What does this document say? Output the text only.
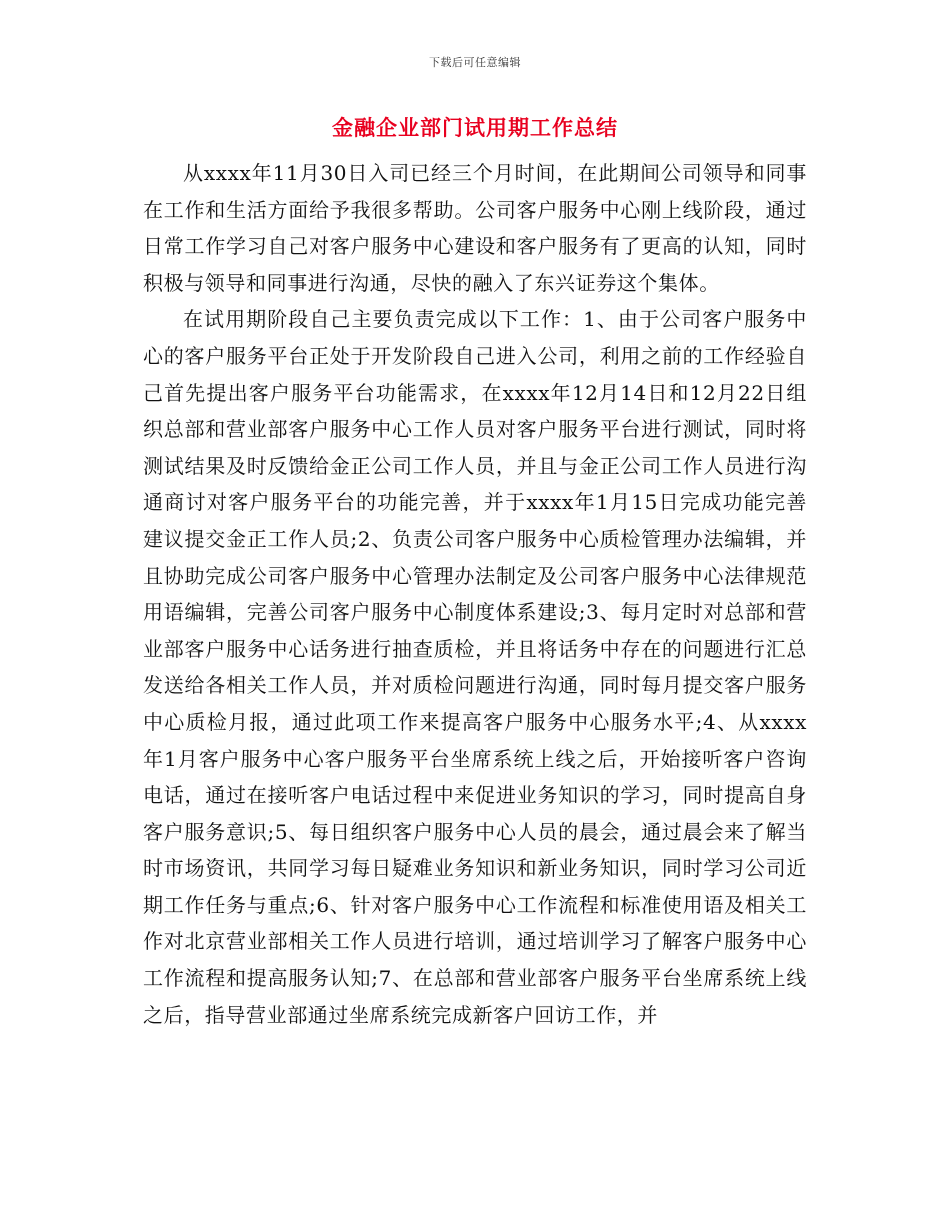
下载后可任意编辑
金融企业部门试用期工作总结

从xxxx年11月30日入司已经三个月时间，在此期间公司领导和同事在工作和生活方面给予我很多帮助。公司客户服务中心刚上线阶段，通过日常工作学习自己对客户服务中心建设和客户服务有了更高的认知，同时积极与领导和同事进行沟通，尽快的融入了东兴证券这个集体。

在试用期阶段自己主要负责完成以下工作：1、由于公司客户服务中心的客户服务平台正处于开发阶段自己进入公司，利用之前的工作经验自己首先提出客户服务平台功能需求，在xxxx年12月14日和12月22日组织总部和营业部客户服务中心工作人员对客户服务平台进行测试，同时将测试结果及时反馈给金正公司工作人员，并且与金正公司工作人员进行沟通商讨对客户服务平台的功能完善，并于xxxx年1月15日完成功能完善建议提交金正工作人员;2、负责公司客户服务中心质检管理办法编辑，并且协助完成公司客户服务中心管理办法制定及公司客户服务中心法律规范用语编辑，完善公司客户服务中心制度体系建设;3、每月定时对总部和营业部客户服务中心话务进行抽查质检，并且将话务中存在的问题进行汇总发送给各相关工作人员，并对质检问题进行沟通，同时每月提交客户服务中心质检月报，通过此项工作来提高客户服务中心服务水平;4、从xxxx年1月客户服务中心客户服务平台坐席系统上线之后，开始接听客户咨询电话，通过在接听客户电话过程中来促进业务知识的学习，同时提高自身客户服务意识;5、每日组织客户服务中心人员的晨会，通过晨会来了解当时市场资讯，共同学习每日疑难业务知识和新业务知识，同时学习公司近期工作任务与重点;6、针对客户服务中心工作流程和标准使用语及相关工作对北京营业部相关工作人员进行培训，通过培训学习了解客户服务中心工作流程和提高服务认知;7、在总部和营业部客户服务平台坐席系统上线之后，指导营业部通过坐席系统完成新客户回访工作，并
